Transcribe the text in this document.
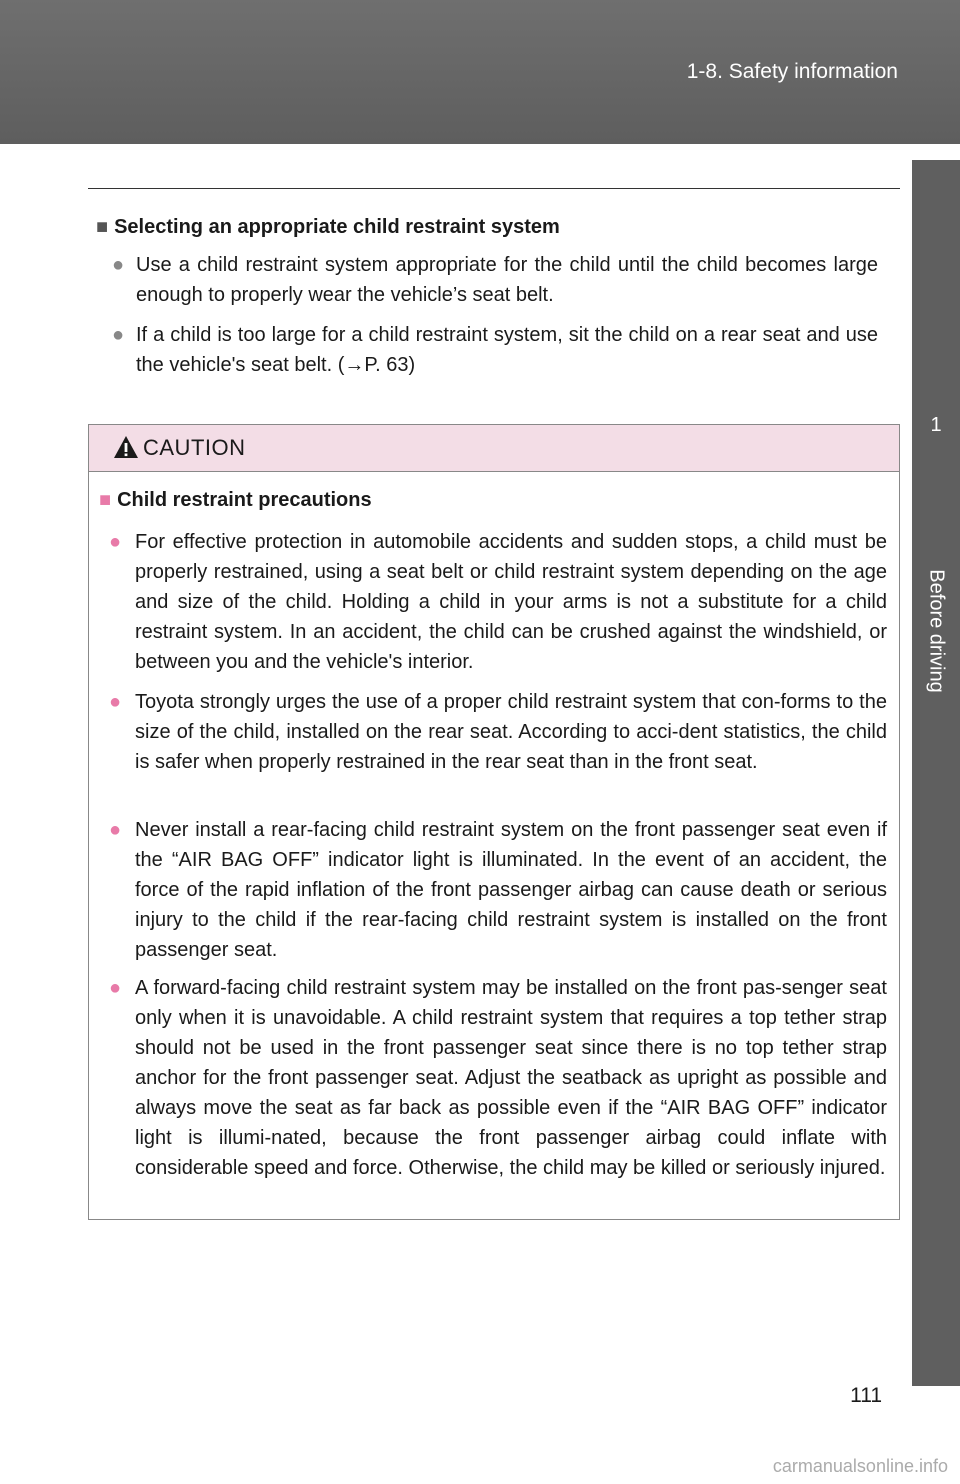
1-8. Safety information
1
Before driving
■ Selecting an appropriate child restraint system
● Use a child restraint system appropriate for the child until the child becomes large enough to properly wear the vehicle’s seat belt.
● If a child is too large for a child restraint system, sit the child on a rear seat and use the vehicle's seat belt. (→P. 63)
CAUTION
■ Child restraint precautions
● For effective protection in automobile accidents and sudden stops, a child must be properly restrained, using a seat belt or child restraint system depending on the age and size of the child. Holding a child in your arms is not a substitute for a child restraint system. In an accident, the child can be crushed against the windshield, or between you and the vehicle's interior.
● Toyota strongly urges the use of a proper child restraint system that con-forms to the size of the child, installed on the rear seat. According to acci-dent statistics, the child is safer when properly restrained in the rear seat than in the front seat.
● Never install a rear-facing child restraint system on the front passenger seat even if the “AIR BAG OFF” indicator light is illuminated. In the event of an accident, the force of the rapid inflation of the front passenger airbag can cause death or serious injury to the child if the rear-facing child restraint system is installed on the front passenger seat.
● A forward-facing child restraint system may be installed on the front pas-senger seat only when it is unavoidable. A child restraint system that requires a top tether strap should not be used in the front passenger seat since there is no top tether strap anchor for the front passenger seat. Adjust the seatback as upright as possible and always move the seat as far back as possible even if the “AIR BAG OFF” indicator light is illumi-nated, because the front passenger airbag could inflate with considerable speed and force. Otherwise, the child may be killed or seriously injured.
111
carmanualsonline.info
